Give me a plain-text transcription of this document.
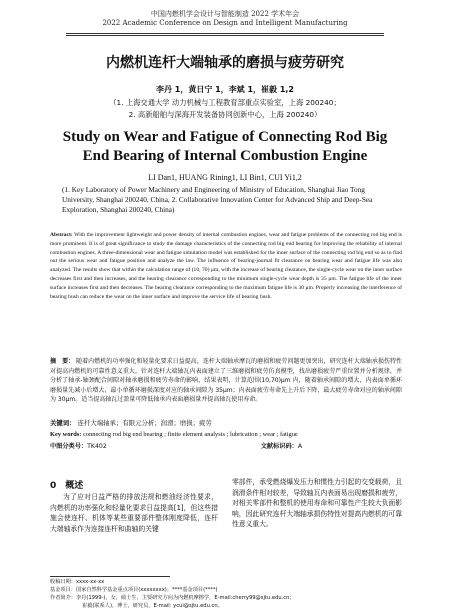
中国内燃机学会设计与智能制造 2022 学术年会
2022 Academic Conference on Design and Intelligent Manufacturing
内燃机连杆大端轴承的磨损与疲劳研究
李丹 1，黄日宁 1，李斌 1，崔毅 1,2
（1. 上海交通大学 动力机械与工程教育部重点实验室，上海 200240；
2. 高新船舶与深海开发装备协同创新中心，上海 200240）
Study on Wear and Fatigue of Connecting Rod Big
End Bearing of Internal Combustion Engine
LI Dan1, HUANG Rining1, LI Bin1, CUI Yi1,2
(1. Key Laboratory of Power Machinery and Engineering of Ministry of Education, Shanghai Jiao Tong University, Shanghai 200240, China, 2. Collaborative Innovation Center for Advanced Ship and Deep-Sea Exploration, Shanghai 200240, China)
Abstract: With the improvement lightweight and power density of internal combustion engines, wear and fatigue problems of the connecting rod big end is more prominent. It is of great significance to study the damage characteristics of the connecting rod big end bearing for improving the reliability of internal combustion engines. A three-dimensional wear and fatigue simulation model was established for the inner surface of the connecting rod big end so as to find out the serious wear and fatigue position and analyze the law. The influence of bearing-journal fit clearance on bearing wear and fatigue life was also analyzed. The results show that within the calculation range of (10, 70) μm, with the increase of bearing clearance, the single-cycle wear on the inner surface decreases first and then increases, and the bearing clearance corresponding to the minimum single-cycle wear depth is 35 μm. The fatigue life of the inner surface increases first and then decreases. The bearing clearance corresponding to the maximum fatigue life is 30 μm. Properly increasing the interference of bearing bush can reduce the wear on the inner surface and improve the service life of bearing bush.
摘　要： 随着内燃机的功率强化和轻量化要求日益提高，连杆大端轴承摩瓦的磨损和疲劳问题更加突出，研究连杆大端轴承损伤特性对提高内燃机的可靠性意义重大。针对连杆大端轴瓦内表面建立了三维磨损和疲劳仿真模型，找出磨损疲劳严重位置并分析规律，并分析了轴承-轴颈配合间隙对轴承磨损和疲劳寿命的影响，结果表明，计算范围(10,70)μm 内，随着轴承间隙的增大，内表面单循环磨损量先减小后增大，最小单循环磨损深度对应的轴承间隙为 35μm；内表面疲劳寿命先上升后下降，最大疲劳寿命对应的轴承间隙为 30μm。适当提高轴瓦过盈量可降低轴承内表面磨损量并提高轴瓦使用寿命。
关键词： 连杆大端轴承；有限元分析；润滑；磨损；疲劳
Key words: connecting rod big end bearing ; finite element analysis ; lubrication ; wear ; fatigue
中图分类号：TK402	文献标识码：A
0　概述
为了应对日益严格的排放法规和燃油经济性要求，内燃机的功率强化和轻量化要求日益提高[1]，但这些措施会使连杆、机体等某些重要部件整体刚度降低，连杆大端轴承作为连接连杆和曲轴的关键
零部件，承受燃烧爆发压力和惯性力引起的交变载荷，且润滑条件相对较差，导致轴瓦内表面易出现磨损和疲劳，对相关零部件和整机的使用寿命和可靠性产生较大负面影响，因此研究连杆大端轴承损伤特性对提高内燃机的可靠性意义重大。
收稿日期：xxxx-xx-xx
基金项目：国家自然科学基金重点项目(xxxxxxxx)；****基金项目(****)
作者简介：李丹(1999-)，女，硕士生，主要研究方向为内燃机摩擦学，E-mail:cherry99@sjtu.edu.cn；
崔毅(联系人)，博士，研究员，E-mail: ycui@sjtu.edu.cn。
